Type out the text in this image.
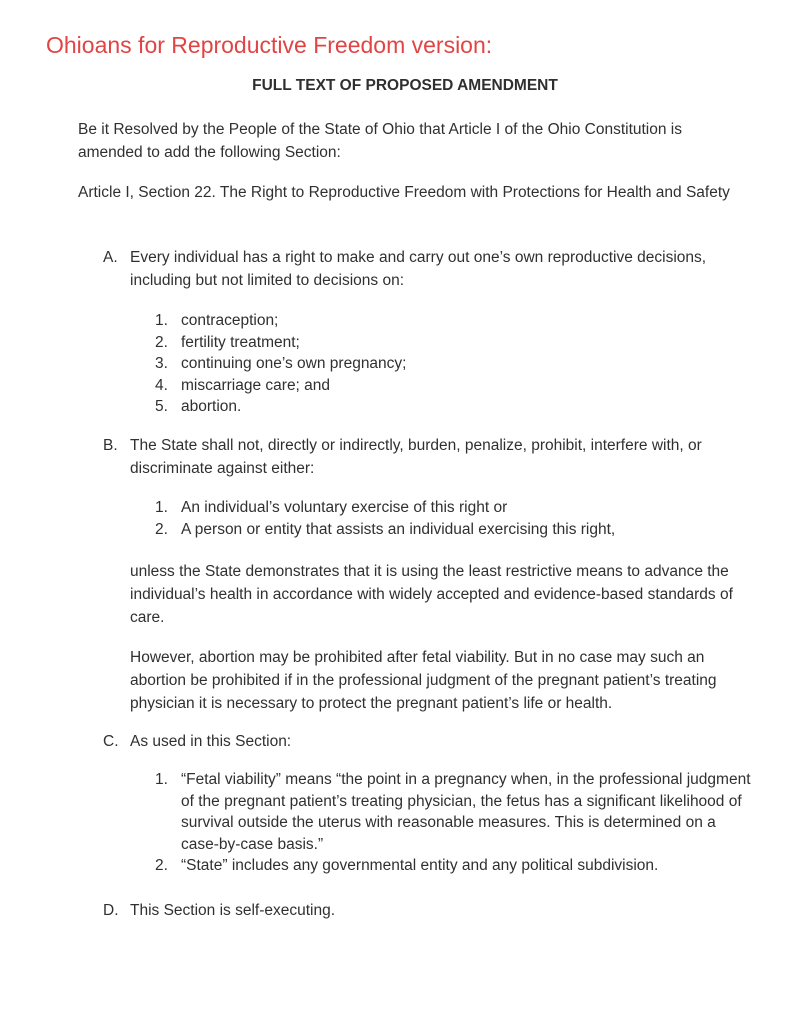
Ohioans for Reproductive Freedom version:
FULL TEXT OF PROPOSED AMENDMENT
Be it Resolved by the People of the State of Ohio that Article I of the Ohio Constitution is amended to add the following Section:
Article I, Section 22. The Right to Reproductive Freedom with Protections for Health and Safety
A. Every individual has a right to make and carry out one’s own reproductive decisions, including but not limited to decisions on:
1. contraception;
2. fertility treatment;
3. continuing one’s own pregnancy;
4. miscarriage care; and
5. abortion.
B. The State shall not, directly or indirectly, burden, penalize, prohibit, interfere with, or discriminate against either:
1. An individual’s voluntary exercise of this right or
2. A person or entity that assists an individual exercising this right,
unless the State demonstrates that it is using the least restrictive means to advance the individual’s health in accordance with widely accepted and evidence-based standards of care.
However, abortion may be prohibited after fetal viability. But in no case may such an abortion be prohibited if in the professional judgment of the pregnant patient’s treating physician it is necessary to protect the pregnant patient’s life or health.
C. As used in this Section:
1. “Fetal viability” means “the point in a pregnancy when, in the professional judgment of the pregnant patient’s treating physician, the fetus has a significant likelihood of survival outside the uterus with reasonable measures. This is determined on a case-by-case basis.”
2. “State” includes any governmental entity and any political subdivision.
D. This Section is self-executing.
